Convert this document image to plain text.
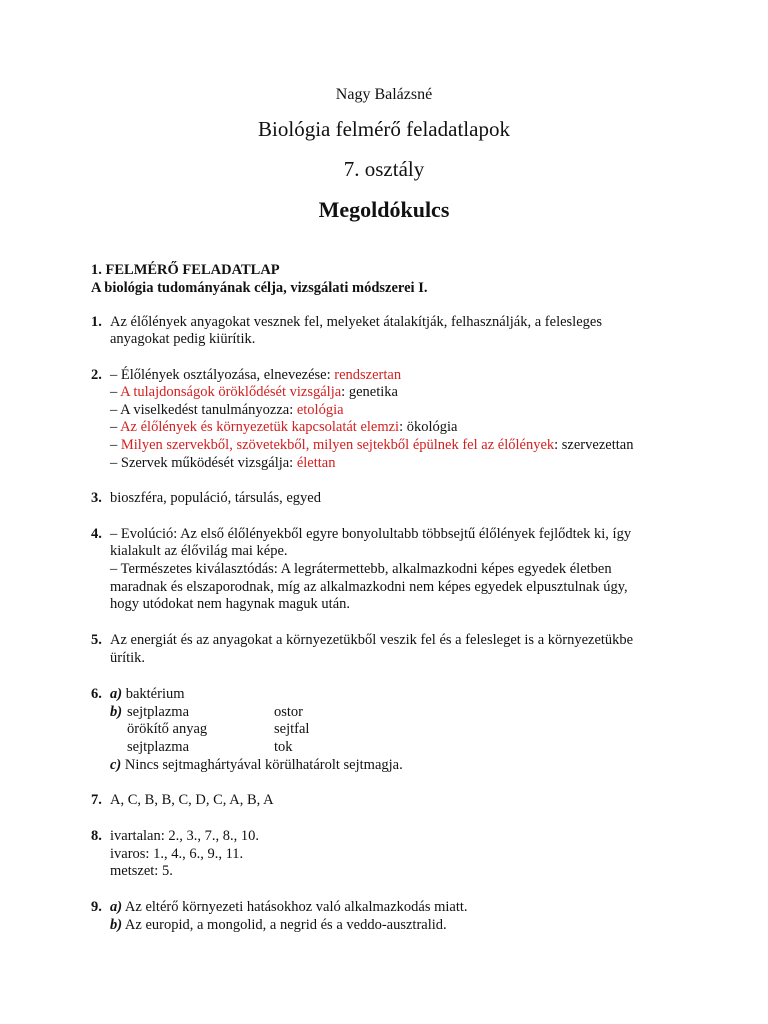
Nagy Balázsné
Biológia felmérő feladatlapok
7. osztály
Megoldókulcs
1. FELMÉRŐ FELADATLAP
A biológia tudományának célja, vizsgálati módszerei I.
1. Az élőlények anyagokat vesznek fel, melyeket átalakítják, felhasználják, a felesleges
anyagokat pedig kiürítik.
2. – Élőlények osztályozása, elnevezése: rendszertan
– A tulajdonságok öröklődését vizsgálja: genetika
– A viselkedést tanulmányozza: etológia
– Az élőlények és környezetük kapcsolatát elemzi: ökológia
– Milyen szervekből, szövetekből, milyen sejtekből épülnek fel az élőlények: szervezettan
– Szervek működését vizsgálja: élettan
3. bioszféra, populáció, társulás, egyed
4. – Evolúció: Az első élőlényekből egyre bonyolultabb többsejtű élőlények fejlődtek ki, így
kialakult az élővilág mai képe.
– Természetes kiválasztódás: A legrátermettebb, alkalmazkodni képes egyedek életben
maradnak és elszaporodnak, míg az alkalmazkodni nem képes egyedek elpusztulnak úgy,
hogy utódokat nem hagynak maguk után.
5. Az energiát és az anyagokat a környezetükből veszik fel és a felesleget is a környezetükbe
ürítik.
6. a) baktérium
b) sejtplazma	ostor
örökítő anyag	sejtfal
sejtplazma	tok
c) Nincs sejtmaghártyával körülhatárolt sejtmagja.
7. A, C, B, B, C, D, C, A, B, A
8. ivartalan: 2., 3., 7., 8., 10.
ivaros: 1., 4., 6., 9., 11.
metszet: 5.
9. a) Az eltérő környezeti hatásokhoz való alkalmazkodás miatt.
b) Az europid, a mongolid, a negrid és a veddo-ausztralid.
